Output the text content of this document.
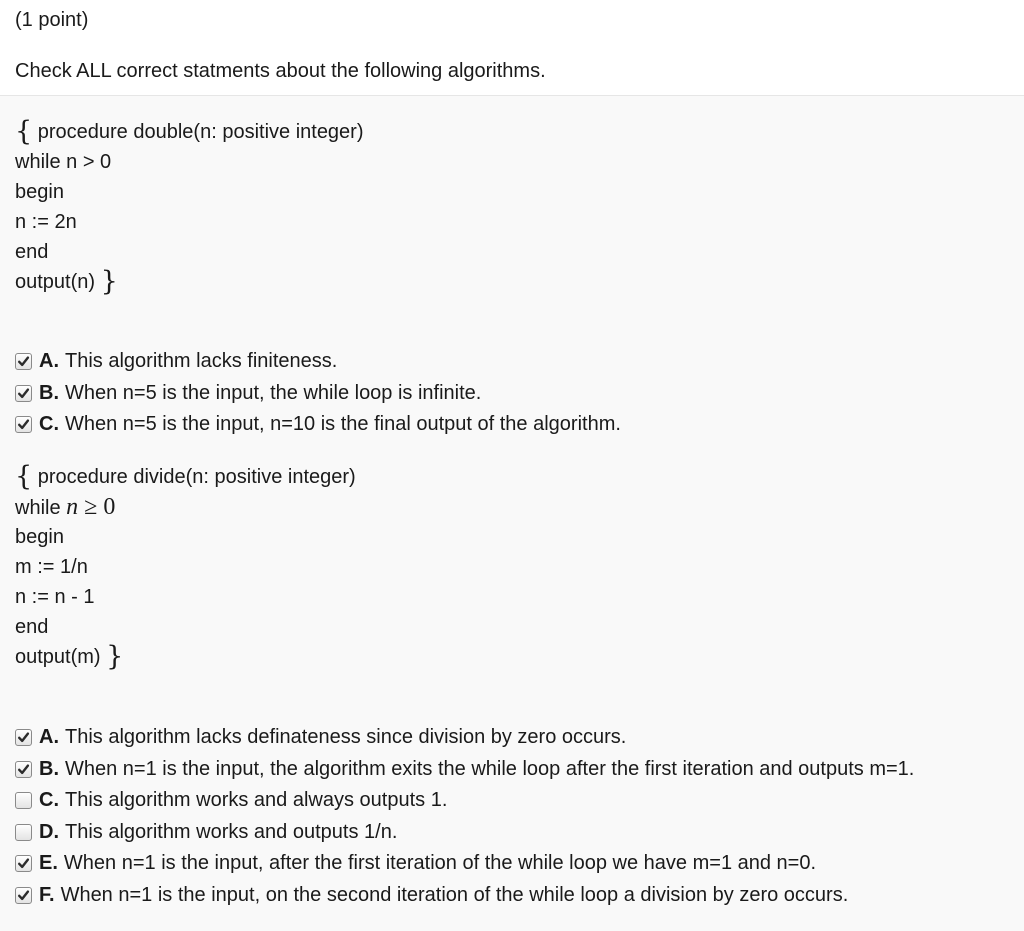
(1 point)
Check ALL correct statments about the following algorithms.
{ procedure double(n: positive integer)
while n > 0
begin
n := 2n
end
output(n) }
A. This algorithm lacks finiteness.
B. When n=5 is the input, the while loop is infinite.
C. When n=5 is the input, n=10 is the final output of the algorithm.
{ procedure divide(n: positive integer)
while n ≥ 0
begin
m := 1/n
n := n - 1
end
output(m) }
A. This algorithm lacks definateness since division by zero occurs.
B. When n=1 is the input, the algorithm exits the while loop after the first iteration and outputs m=1.
C. This algorithm works and always outputs 1.
D. This algorithm works and outputs 1/n.
E. When n=1 is the input, after the first iteration of the while loop we have m=1 and n=0.
F. When n=1 is the input, on the second iteration of the while loop a division by zero occurs.
